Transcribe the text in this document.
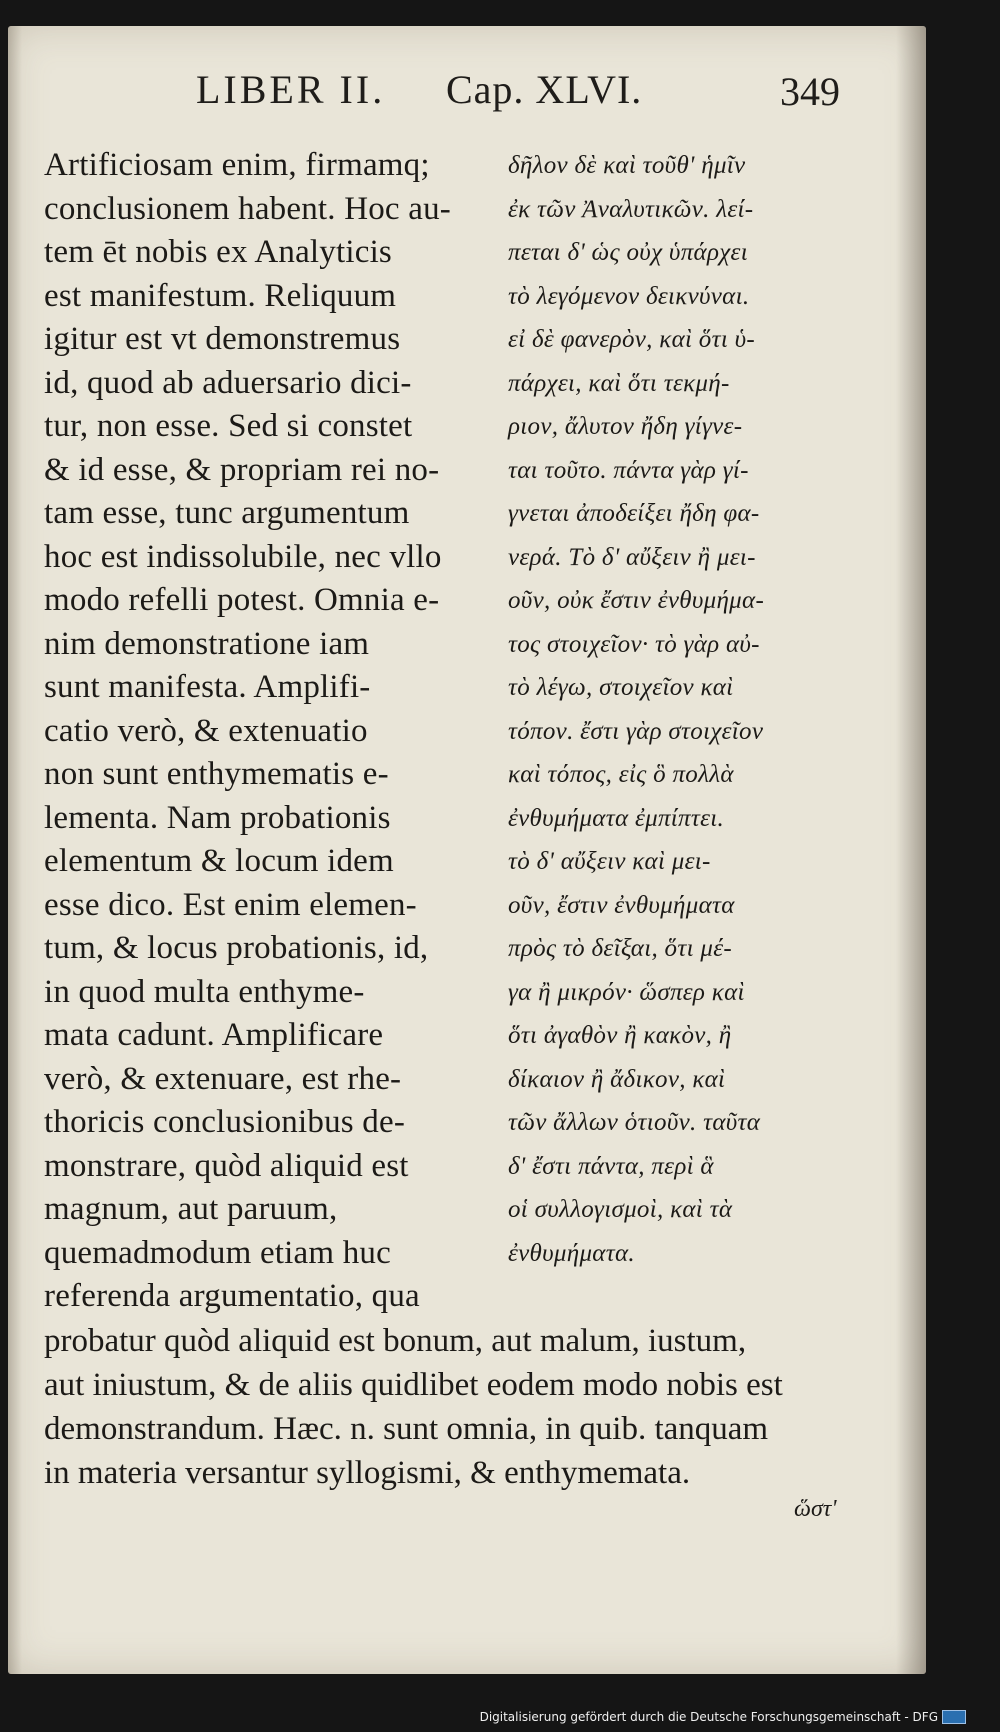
LIBER II. Cap. XLVI.	349
Artificiosam enim, firmamq;
conclusionem habent. Hoc au-
tem ēt nobis ex Analyticis
est manifestum. Reliquum
igitur est vt demonstremus
id, quod ab aduersario dici-
tur, non esse. Sed si constet
& id esse, & propriam rei no-
tam esse, tunc argumentum
hoc est indissolubile, nec vllo
modo refelli potest. Omnia e-
nim demonstratione iam
sunt manifesta. Amplifi-
catio verò, & extenuatio
non sunt enthymematis e-
lementa. Nam probationis
elementum & locum idem
esse dico. Est enim elemen-
tum, & locus probationis, id,
in quod multa enthyme-
mata cadunt. Amplificare
verò, & extenuare, est rhe-
thoricis conclusionibus de-
monstrare, quòd aliquid est
magnum, aut paruum,
quemadmodum etiam huc
referenda argumentatio, qua
δῆλον δὲ καὶ τοῦθ' ἡμῖν
ἐκ τῶν Ἀναλυτικῶν. λεί-
πεται δ' ὡς οὐχ ὑπάρχει
τὸ λεγόμενον δεικνύναι.
εἰ δὲ φανερὸν, καὶ ὅτι ὑ-
πάρχει, καὶ ὅτι τεκμή-
ριον, ἄλυτον ἤδη γίγνε-
ται τοῦτο. πάντα γὰρ γί-
γνεται ἀποδείξει ἤδη φα-
νερά. Τὸ δ' αὔξειν ἢ μει-
οῦν, οὐκ ἔστιν ἐνθυμήμα-
τος στοιχεῖον· τὸ γὰρ αὐ-
τὸ λέγω, στοιχεῖον καὶ
τόπον. ἔστι γὰρ στοιχεῖον
καὶ τόπος, εἰς ὃ πολλὰ
ἐνθυμήματα ἐμπίπτει.
τὸ δ' αὔξειν καὶ μει-
οῦν, ἔστιν ἐνθυμήματα
πρὸς τὸ δεῖξαι, ὅτι μέ-
γα ἢ μικρόν· ὥσπερ καὶ
ὅτι ἀγαθὸν ἢ κακὸν, ἢ
δίκαιον ἢ ἄδικον, καὶ
τῶν ἄλλων ὁτιοῦν. ταῦτα
δ' ἔστι πάντα, περὶ ἃ
οἱ συλλογισμοὶ, καὶ τὰ
ἐνθυμήματα.
probatur quòd aliquid est bonum, aut malum, iustum,
aut iniustum, & de aliis quidlibet eodem modo nobis est
demonstrandum. Hæc. n. sunt omnia, in quib. tanquam
in materia versantur syllogismi, & enthymemata.
ὥστ'
Digitalisierung gefördert durch die Deutsche Forschungsgemeinschaft - DFG
